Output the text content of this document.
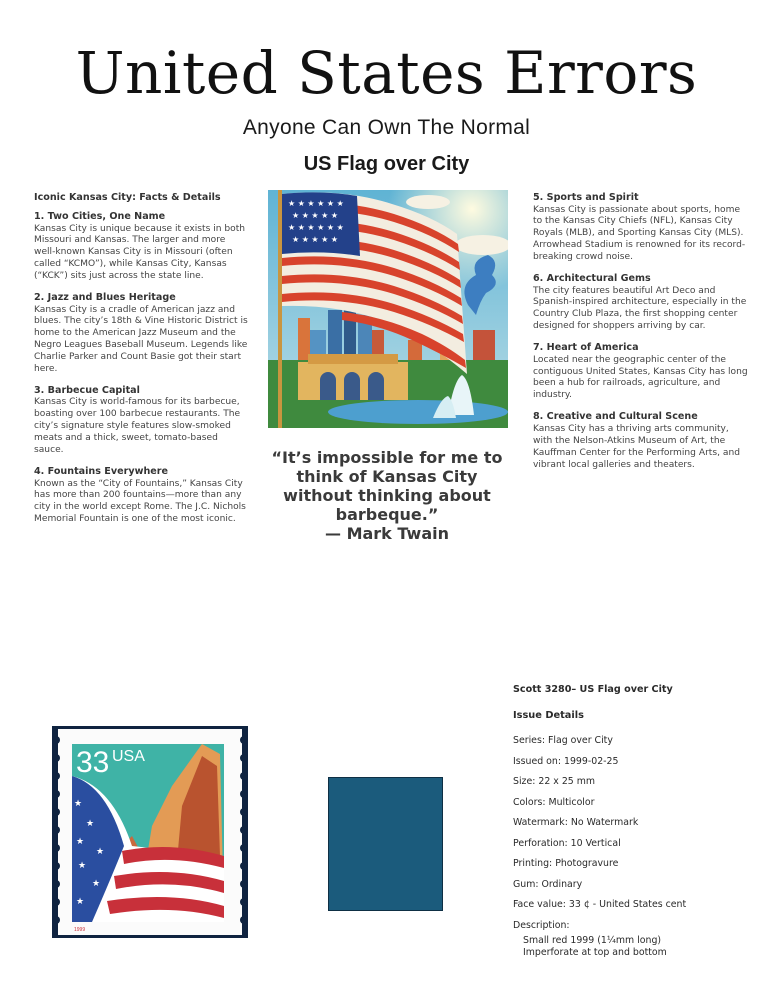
United States Errors
Anyone Can Own The Normal
US Flag over City
Iconic Kansas City: Facts & Details
1. Two Cities, One Name

Kansas City is unique because it exists in both Missouri and Kansas. The larger and more well-known Kansas City is in Missouri (often called “KCMO”), while Kansas City, Kansas (“KCK”) sits just across the state line.

2. Jazz and Blues Heritage

Kansas City is a cradle of American jazz and blues. The city’s 18th & Vine Historic District is home to the American Jazz Museum and the Negro Leagues Baseball Museum. Legends like Charlie Parker and Count Basie got their start here.

3. Barbecue Capital

Kansas City is world-famous for its barbecue, boasting over 100 barbecue restaurants. The city’s signature style features slow-smoked meats and a thick, sweet, tomato-based sauce.

4. Fountains Everywhere

Known as the “City of Fountains,” Kansas City has more than 200 fountains—more than any city in the world except Rome. The J.C. Nichols Memorial Fountain is one of the most iconic.

★ ★ ★ ★ ★ ★
★ ★ ★ ★ ★
★ ★ ★ ★ ★ ★
★ ★ ★ ★ ★
“It’s impossible for me to think of Kansas City without thinking about barbeque.”
— Mark Twain
5. Sports and Spirit

Kansas City is passionate about sports, home to the Kansas City Chiefs (NFL), Kansas City Royals (MLB), and Sporting Kansas City (MLS). Arrowhead Stadium is renowned for its record-breaking crowd noise.

6. Architectural Gems

The city features beautiful Art Deco and Spanish-inspired architecture, especially in the Country Club Plaza, the first shopping center designed for shoppers arriving by car.

7. Heart of America

Located near the geographic center of the contiguous United States, Kansas City has long been a hub for railroads, agriculture, and industry.

8. Creative and Cultural Scene

Kansas City has a thriving arts community, with the Nelson-Atkins Museum of Art, the Kauffman Center for the Performing Arts, and vibrant local galleries and theaters.

★
★
★
★
★
★
★
33 USA
1999
Scott 3280– US Flag over City
Issue Details
Series: Flag over City
Issued on: 1999-02-25
Size: 22 x 25 mm
Colors: Multicolor
Watermark: No Watermark
Perforation: 10 Vertical
Printing: Photogravure
Gum: Ordinary
Face value: 33 ¢ - United States cent
Description:
Small red 1999 (1¼mm long)
Imperforate at top and bottom
